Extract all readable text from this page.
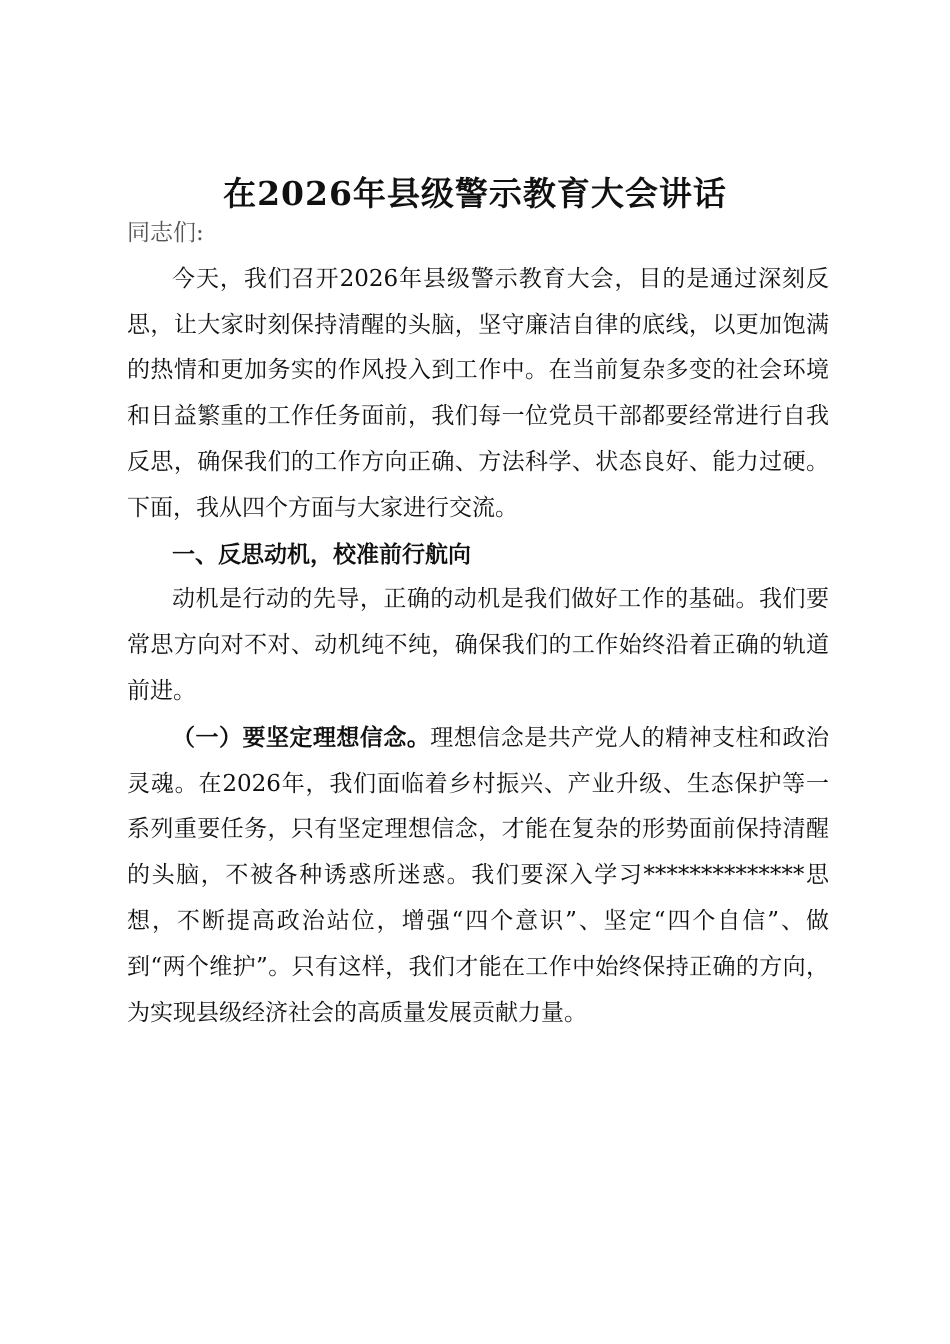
在2026年县级警示教育大会讲话

同志们:

今天，我们召开2026年县级警示教育大会，目的是通过深刻反思，让大家时刻保持清醒的头脑，坚守廉洁自律的底线，以更加饱满的热情和更加务实的作风投入到工作中。在当前复杂多变的社会环境和日益繁重的工作任务面前，我们每一位党员干部都要经常进行自我反思，确保我们的工作方向正确、方法科学、状态良好、能力过硬。下面，我从四个方面与大家进行交流。

一、反思动机，校准前行航向

动机是行动的先导，正确的动机是我们做好工作的基础。我们要常思方向对不对、动机纯不纯，确保我们的工作始终沿着正确的轨道前进。

（一）要坚定理想信念。理想信念是共产党人的精神支柱和政治灵魂。在2026年，我们面临着乡村振兴、产业升级、生态保护等一系列重要任务，只有坚定理想信念，才能在复杂的形势面前保持清醒的头脑，不被各种诱惑所迷惑。我们要深入学习**************思想，不断提高政治站位，增强“四个意识”、坚定“四个自信”、做到“两个维护”。只有这样，我们才能在工作中始终保持正确的方向，为实现县级经济社会的高质量发展贡献力量。
